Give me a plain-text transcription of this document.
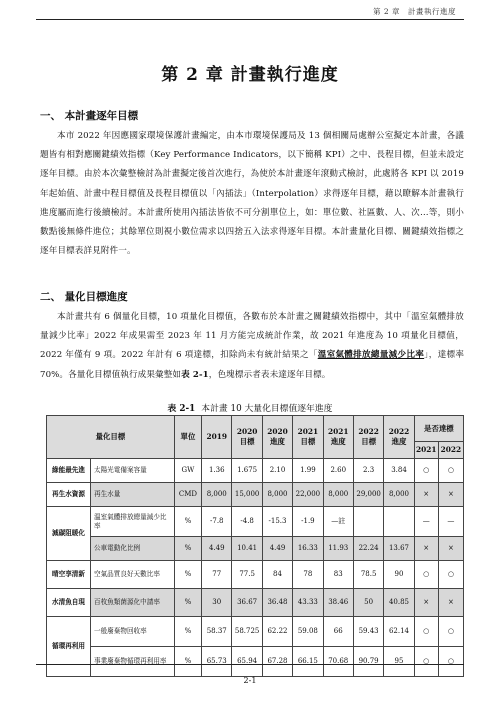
第 2 章　計畫執行進度
第 2 章 計畫執行進度
一、 本計畫逐年目標

本市 2022 年因應國家環境保護計畫編定，由本市環境保護局及 13 個相關局處辦公室擬定本計畫，各議題皆有相對應關鍵績效指標（Key Performance Indicators，以下簡稱 KPI）之中、長程目標，但並未設定逐年目標。由於本次彙整檢討為計畫擬定後首次進行，為使於本計畫逐年滾動式檢討，此處將各 KPI 以 2019 年起始值、計畫中程目標值及長程目標值以「內插法」（Interpolation）求得逐年目標，藉以瞭解本計畫執行進度屬而進行後續檢討。本計畫所使用內插法皆依不可分割單位上，如：單位數、社區數、人、次…等，則小數點後無條件進位；其餘單位則視小數位需求以四捨五入法求得逐年目標。本計畫量化目標、關鍵績效指標之逐年目標表詳見附件一。

二、 量化目標進度

本計畫共有 6 個量化目標，10 項量化目標值，各數布於本計畫之關鍵績效指標中，其中「溫室氣體排放量減少比率」2022 年成果需至 2023 年 11 月方能完成統計作業，故 2021 年進度為 10 項量化目標值，2022 年僅有 9 項。2022 年計有 6 項達標，扣除尚未有統計結果之「溫室氣體排放總量減少比率」，達標率 70%。各量化目標值執行成果彙整如表 2-1，色塊標示者表未達逐年目標。

表 2-1 本計畫 10 大量化目標值逐年進度
量化目標		單位	2019	2020 目標	2020 進度	2021 目標	2021 進度	2022 目標	2022 進度	是否達標	
										2021	2022
綠能最先進	太陽光電備案容量	GW	1.36	1.675	2.10	1.99	2.60	2.3	3.84	○	○
再生水資源	再生水量	CMD	8,000	15,000	8,000	22,000	8,000	29,000	8,000	×	×
減碳阻暖化	溫室氣體排放總量減少比率	%	-7.8	-4.8	-15.3	-1.9	—註			—	—
	公車電動化比例	%	4.49	10.41	4.49	16.33	11.93	22.24	13.67	×	×
晴空享清新	空氣品質良好天數比率	%	77	77.5	84	78	83	78.5	90	○	○
水清魚自現	百枚魚類菌源化中請率	%	30	36.67	36.48	43.33	38.46	50	40.85	×	×
循環再利用	一般廢棄物回收率	%	58.37	58.725	62.22	59.08	66	59.43	62.14	○	○
	事業廢棄物循環再利用率	%	65.73	65.94	67.28	66.15	70.68	90.79	95	○	○
2-1
